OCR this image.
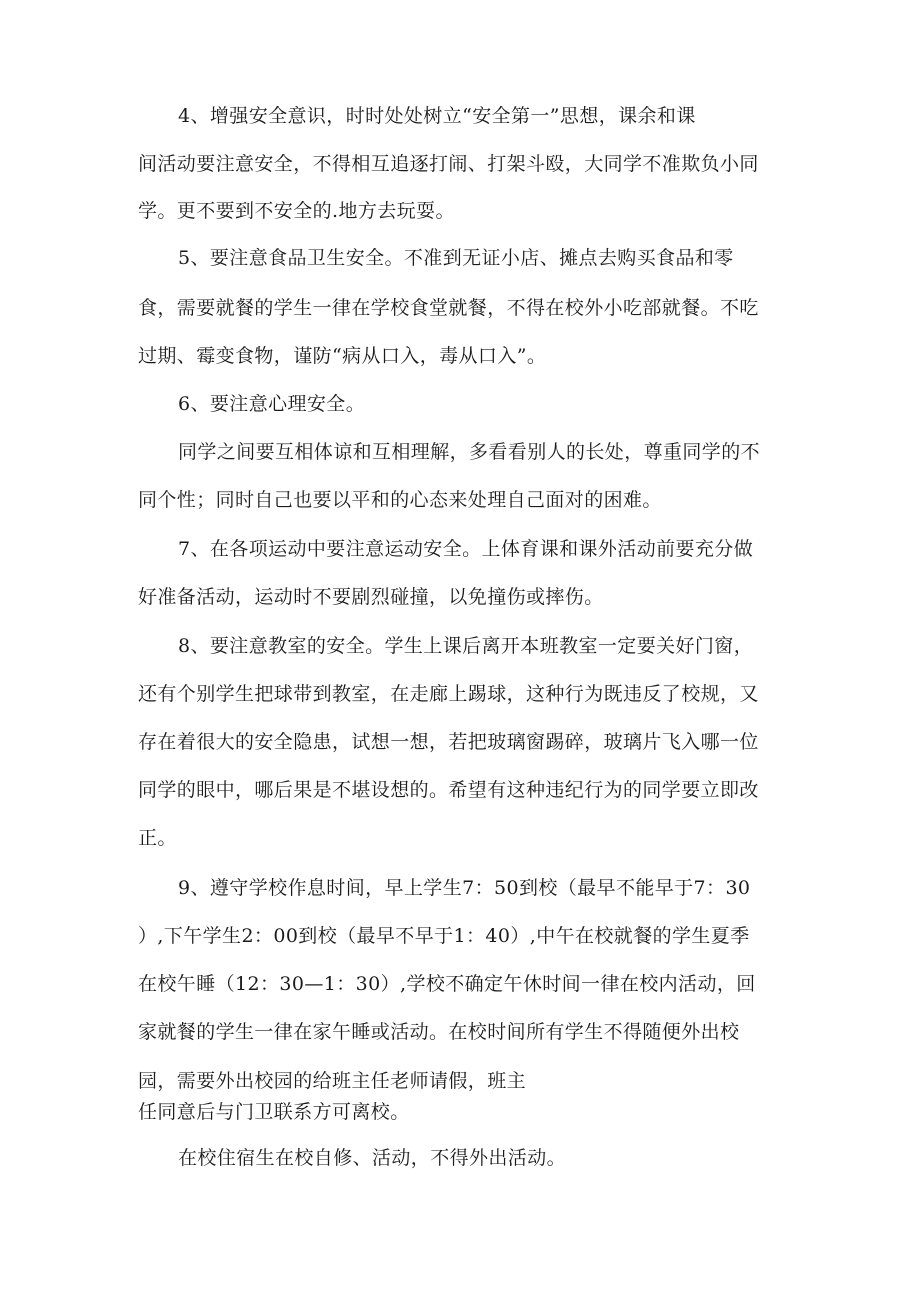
4、增强安全意识，时时处处树立“安全第一”思想，课余和课

间活动要注意安全，不得相互追逐打闹、打架斗殴，大同学不准欺负小同

学。更不要到不安全的.地方去玩耍。

5、要注意食品卫生安全。不准到无证小店、摊点去购买食品和零

食，需要就餐的学生一律在学校食堂就餐，不得在校外小吃部就餐。不吃

过期、霉变食物，谨防“病从口入，毒从口入”。

6、要注意心理安全。

同学之间要互相体谅和互相理解，多看看别人的长处，尊重同学的不

同个性；同时自己也要以平和的心态来处理自己面对的困难。

7、在各项运动中要注意运动安全。上体育课和课外活动前要充分做

好准备活动，运动时不要剧烈碰撞，以免撞伤或摔伤。

8、要注意教室的安全。学生上课后离开本班教室一定要关好门窗，

还有个别学生把球带到教室，在走廊上踢球，这种行为既违反了校规，又

存在着很大的安全隐患，试想一想，若把玻璃窗踢碎，玻璃片飞入哪一位

同学的眼中，哪后果是不堪设想的。希望有这种违纪行为的同学要立即改

正。

9、遵守学校作息时间，早上学生7：50到校（最早不能早于7：30

）,下午学生2：00到校（最早不早于1：40）,中午在校就餐的学生夏季

在校午睡（12：30—1：30）,学校不确定午休时间一律在校内活动，回

家就餐的学生一律在家午睡或活动。在校时间所有学生不得随便外出校

园，需要外出校园的给班主任老师请假，班主

任同意后与门卫联系方可离校。

在校住宿生在校自修、活动，不得外出活动。
